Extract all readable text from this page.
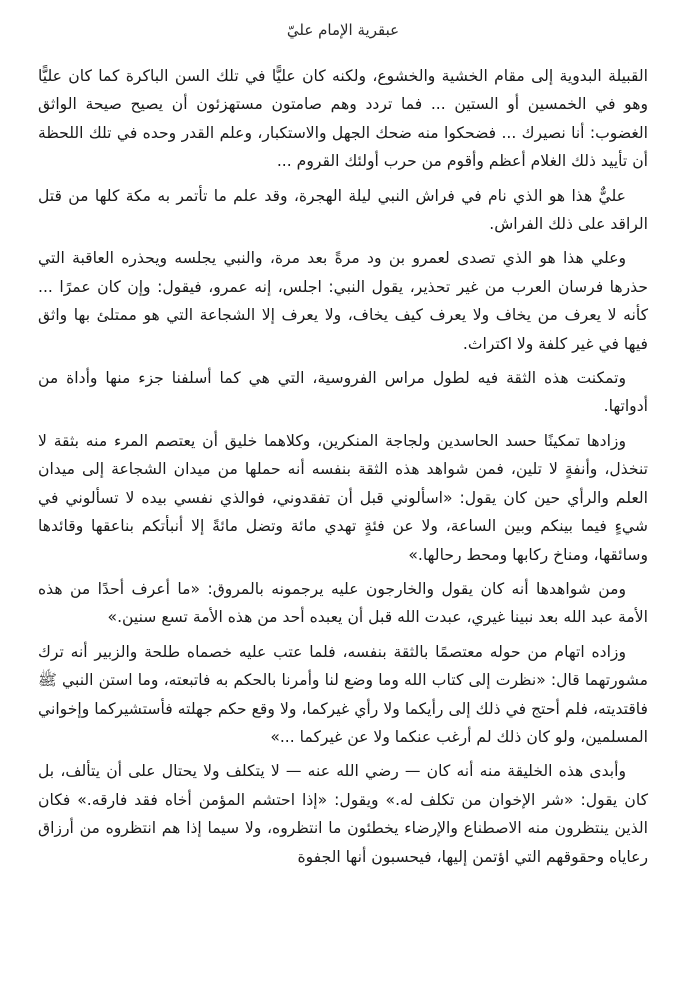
عبقرية الإمام عليّ

القبيلة البدوية إلى مقام الخشية والخشوع، ولكنه كان عليًّا في تلك السن الباكرة كما كان عليًّا وهو في الخمسين أو الستين ... فما تردد وهم صامتون مستهزئون أن يصيح صيحة الواثق الغضوب: أنا نصيرك ... فضحكوا منه ضحك الجهل والاستكبار، وعلم القدر وحده في تلك اللحظة أن تأييد ذلك الغلام أعظم وأقوم من حرب أولئك القروم ...

عليٌّ هذا هو الذي نام في فراش النبي ليلة الهجرة، وقد علم ما تأتمر به مكة كلها من قتل الراقد على ذلك الفراش.

وعلي هذا هو الذي تصدى لعمرو بن ود مرةً بعد مرة، والنبي يجلسه ويحذره العاقبة التي حذرها فرسان العرب من غير تحذير، يقول النبي: اجلس، إنه عمرو، فيقول: وإن كان عمرًا ... كأنه لا يعرف من يخاف ولا يعرف كيف يخاف، ولا يعرف إلا الشجاعة التي هو ممتلئ بها واثق فيها في غير كلفة ولا اكتراث.

وتمكنت هذه الثقة فيه لطول مراس الفروسية، التي هي كما أسلفنا جزء منها وأداة من أدواتها.

وزادها تمكينًا حسد الحاسدين ولجاجة المنكرين، وكلاهما خليق أن يعتصم المرء منه بثقة لا تنخذل، وأنفةٍ لا تلين، فمن شواهد هذه الثقة بنفسه أنه حملها من ميدان الشجاعة إلى ميدان العلم والرأي حين كان يقول: «اسألوني قبل أن تفقدوني، فوالذي نفسي بيده لا تسألوني في شيءٍ فيما بينكم وبين الساعة، ولا عن فئةٍ تهدي مائة وتضل مائةً إلا أنبأتكم بناعقها وقائدها وسائقها، ومناخ ركابها ومحط رحالها.»

ومن شواهدها أنه كان يقول والخارجون عليه يرجمونه بالمروق: «ما أعرف أحدًا من هذه الأمة عبد الله بعد نبينا غيري، عبدت الله قبل أن يعبده أحد من هذه الأمة تسع سنين.»

وزاده اتهام من حوله معتصمًا بالثقة بنفسه، فلما عتب عليه خصماه طلحة والزبير أنه ترك مشورتهما قال: «نظرت إلى كتاب الله وما وضع لنا وأمرنا بالحكم به فاتبعته، وما استن النبي ﷺ فاقتديته، فلم أحتج في ذلك إلى رأيكما ولا رأي غيركما، ولا وقع حكم جهلته فأستشيركما وإخواني المسلمين، ولو كان ذلك لم أرغب عنكما ولا عن غيركما ...»

وأبدى هذه الخليقة منه أنه كان — رضي الله عنه — لا يتكلف ولا يحتال على أن يتألف، بل كان يقول: «شر الإخوان من تكلف له.» ويقول: «إذا احتشم المؤمن أخاه فقد فارقه.» فكان الذين ينتظرون منه الاصطناع والإرضاء يخطئون ما انتظروه، ولا سيما إذا هم انتظروه من أرزاق رعاياه وحقوقهم التي اؤتمن إليها، فيحسبون أنها الجفوة
